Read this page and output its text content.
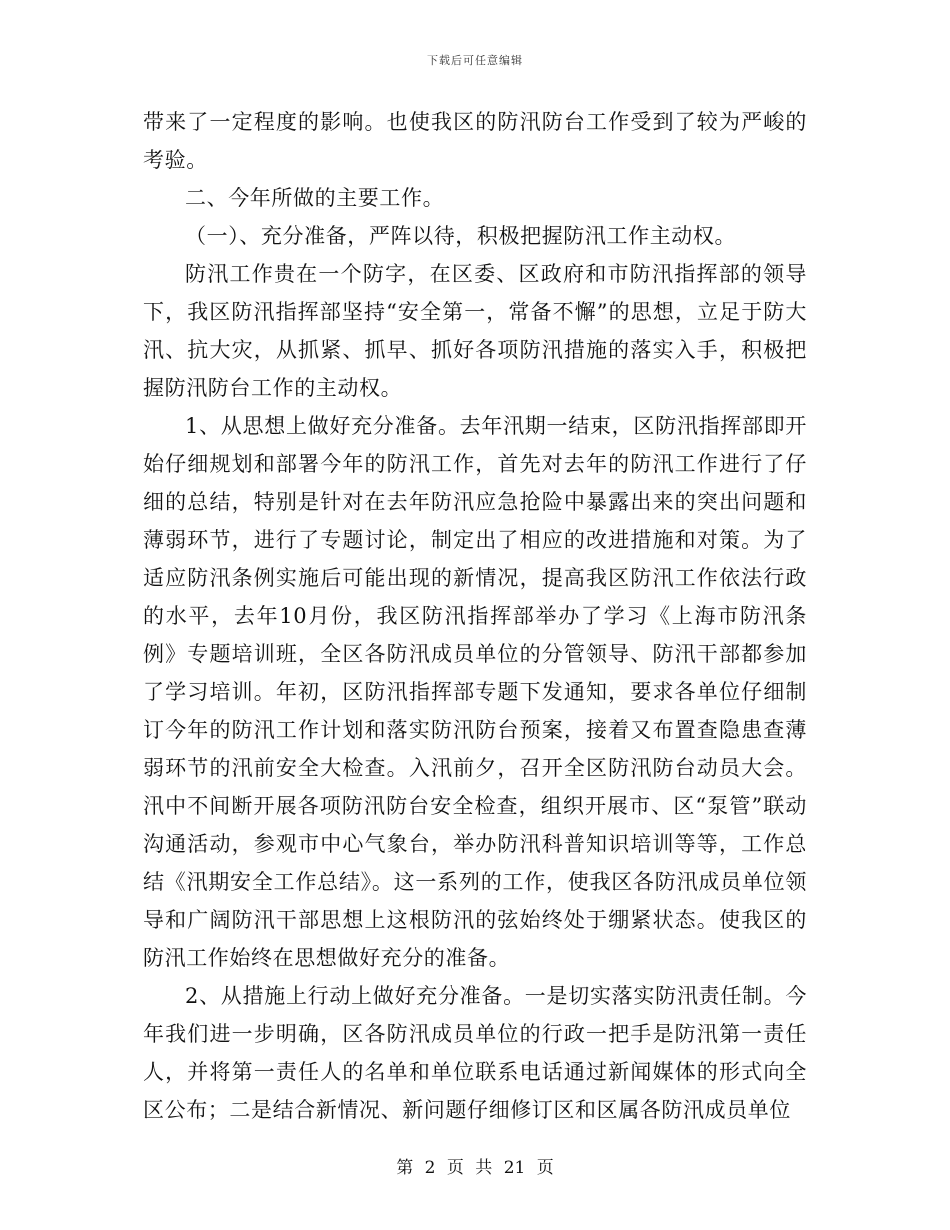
下载后可任意编辑

带来了一定程度的影响。也使我区的防汛防台工作受到了较为严峻的考验。

二、今年所做的主要工作。

（一）、充分准备，严阵以待，积极把握防汛工作主动权。

防汛工作贵在一个防字，在区委、区政府和市防汛指挥部的领导下，我区防汛指挥部坚持“安全第一，常备不懈”的思想，立足于防大汛、抗大灾，从抓紧、抓早、抓好各项防汛措施的落实入手，积极把握防汛防台工作的主动权。

1、从思想上做好充分准备。去年汛期一结束，区防汛指挥部即开始仔细规划和部署今年的防汛工作，首先对去年的防汛工作进行了仔细的总结，特别是针对在去年防汛应急抢险中暴露出来的突出问题和薄弱环节，进行了专题讨论，制定出了相应的改进措施和对策。为了适应防汛条例实施后可能出现的新情况，提高我区防汛工作依法行政的水平，去年10月份，我区防汛指挥部举办了学习《上海市防汛条例》专题培训班，全区各防汛成员单位的分管领导、防汛干部都参加了学习培训。年初，区防汛指挥部专题下发通知，要求各单位仔细制订今年的防汛工作计划和落实防汛防台预案，接着又布置查隐患查薄弱环节的汛前安全大检查。入汛前夕，召开全区防汛防台动员大会。汛中不间断开展各项防汛防台安全检查，组织开展市、区“泵管”联动沟通活动，参观市中心气象台，举办防汛科普知识培训等等，工作总结《汛期安全工作总结》。这一系列的工作，使我区各防汛成员单位领导和广阔防汛干部思想上这根防汛的弦始终处于绷紧状态。使我区的防汛工作始终在思想做好充分的准备。

2、从措施上行动上做好充分准备。一是切实落实防汛责任制。今年我们进一步明确，区各防汛成员单位的行政一把手是防汛第一责任人，并将第一责任人的名单和单位联系电话通过新闻媒体的形式向全区公布；二是结合新情况、新问题仔细修订区和区属各防汛成员单位

第 2 页 共 21 页
